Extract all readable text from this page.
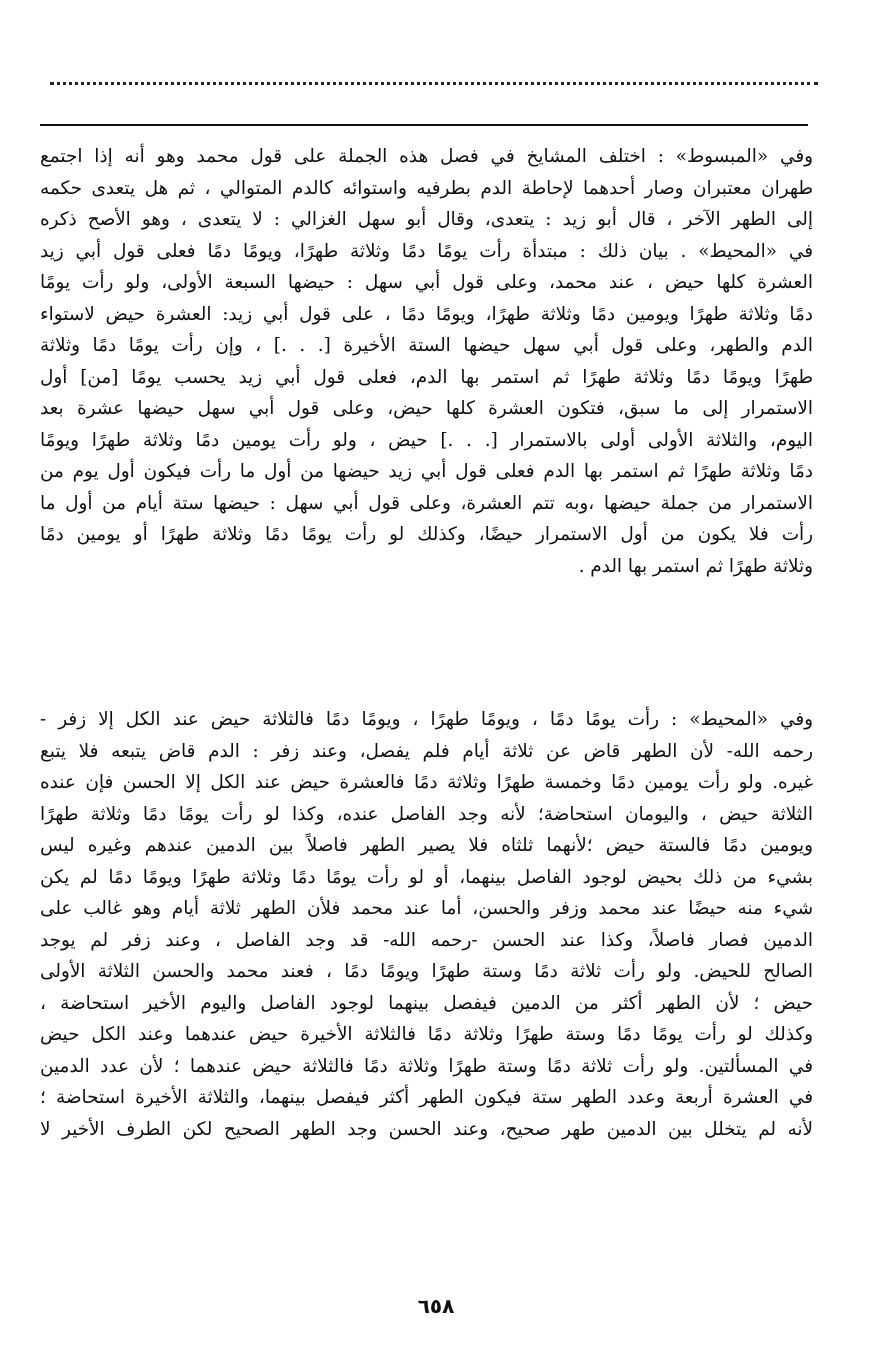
وفي «المبسوط» : اختلف المشايخ في فصل هذه الجملة على قول محمد وهو أنه إذا اجتمع
طهران معتبران وصار أحدهما لإحاطة الدم بطرفيه واستوائه كالدم المتوالي ، ثم هل يتعدى حكمه
إلى الطهر الآخر ، قال أبو زيد : يتعدى، وقال أبو سهل الغزالي : لا يتعدى ، وهو الأصح ذكره
في «المحيط» . بيان ذلك : مبتدأة رأت يومًا دمًا وثلاثة طهرًا، ويومًا دمًا فعلى قول أبي زيد
العشرة كلها حيض ، عند محمد، وعلى قول أبي سهل : حيضها السبعة الأولى، ولو رأت يومًا
دمًا وثلاثة طهرًا ويومين دمًا وثلاثة طهرًا، ويومًا دمًا ، على قول أبي زيد: العشرة حيض لاستواء
الدم والطهر، وعلى قول أبي سهل حيضها الستة الأخيرة [. . .] ، وإن رأت يومًا دمًا وثلاثة
طهرًا ويومًا دمًا وثلاثة طهرًا ثم استمر بها الدم، فعلى قول أبي زيد يحسب يومًا [من] أول
الاستمرار إلى ما سبق، فتكون العشرة كلها حيض، وعلى قول أبي سهل حيضها عشرة بعد
اليوم، والثلاثة الأولى أولى بالاستمرار [. . .] حيض ، ولو رأت يومين دمًا وثلاثة طهرًا ويومًا
دمًا وثلاثة طهرًا ثم استمر بها الدم فعلى قول أبي زيد حيضها من أول ما رأت فيكون أول يوم من
الاستمرار من جملة حيضها ،وبه تتم العشرة، وعلى قول أبي سهل : حيضها ستة أيام من أول ما
رأت فلا يكون من أول الاستمرار حيضًا، وكذلك لو رأت يومًا دمًا وثلاثة طهرًا أو يومين دمًا
وثلاثة طهرًا ثم استمر بها الدم .
وفي «المحيط» : رأت يومًا دمًا ، ويومًا طهرًا ، ويومًا دمًا فالثلاثة حيض عند الكل إلا زفر -
رحمه الله- لأن الطهر قاض عن ثلاثة أيام فلم يفصل، وعند زفر : الدم قاض يتبعه فلا يتبع
غيره. ولو رأت يومين دمًا وخمسة طهرًا وثلاثة دمًا فالعشرة حيض عند الكل إلا الحسن فإن عنده
الثلاثة حيض ، واليومان استحاضة؛ لأنه وجد الفاصل عنده، وكذا لو رأت يومًا دمًا وثلاثة طهرًا
ويومين دمًا فالستة حيض ؛لأنهما ثلثاه فلا يصير الطهر فاصلاً بين الدمين عندهم وغيره ليس
بشيء من ذلك بحيض لوجود الفاصل بينهما، أو لو رأت يومًا دمًا وثلاثة طهرًا ويومًا دمًا لم يكن
شيء منه حيضًا عند محمد وزفر والحسن، أما عند محمد فلأن الطهر ثلاثة أيام وهو غالب على
الدمين فصار فاصلاً، وكذا عند الحسن -رحمه الله- قد وجد الفاصل ، وعند زفر لم يوجد
الصالح للحيض. ولو رأت ثلاثة دمًا وستة طهرًا ويومًا دمًا ، فعند محمد والحسن الثلاثة الأولى
حيض ؛ لأن الطهر أكثر من الدمين فيفصل بينهما لوجود الفاصل واليوم الأخير استحاضة ،
وكذلك لو رأت يومًا دمًا وستة طهرًا وثلاثة دمًا فالثلاثة الأخيرة حيض عندهما وعند الكل حيض
في المسألتين. ولو رأت ثلاثة دمًا وستة طهرًا وثلاثة دمًا فالثلاثة حيض عندهما ؛ لأن عدد الدمين
في العشرة أربعة وعدد الطهر ستة فيكون الطهر أكثر فيفصل بينهما، والثلاثة الأخيرة استحاضة ؛
لأنه لم يتخلل بين الدمين طهر صحيح، وعند الحسن وجد الطهر الصحيح لكن الطرف الأخير لا
٦٥٨
